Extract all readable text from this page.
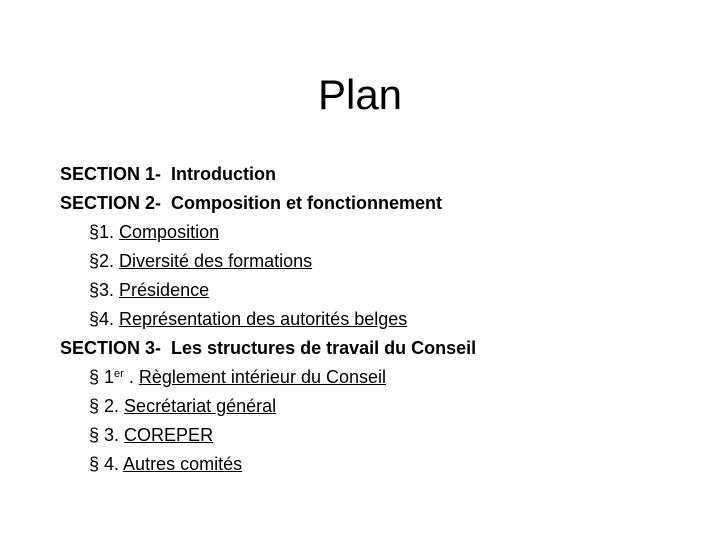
Plan
SECTION 1- Introduction
SECTION 2- Composition et fonctionnement
§1. Composition
§2. Diversité des formations
§3. Présidence
§4. Représentation des autorités belges
SECTION 3- Les structures de travail du Conseil
§ 1er . Règlement intérieur du Conseil
§ 2. Secrétariat général
§ 3. COREPER
§ 4. Autres comités
